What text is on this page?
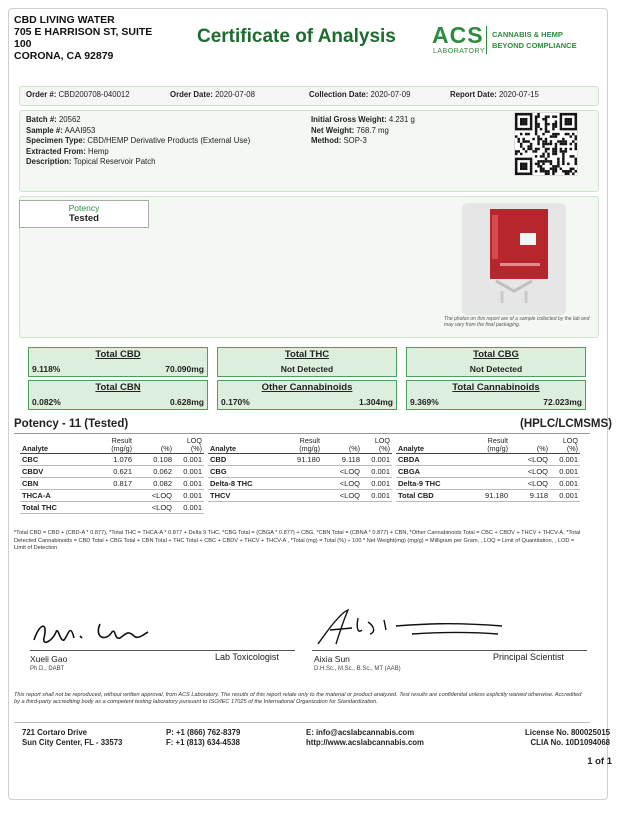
CBD LIVING WATER
705 E HARRISON ST, SUITE
100
CORONA, CA 92879
Certificate of Analysis ACS
LABORATORY
CANNABIS & HEMP
BEYOND COMPLIANCE
Order #: CBD200708-040012	Order Date: 2020-07-08	Collection Date: 2020-07-09	Report Date: 2020-07-15
Batch #: 20562
Sample #: AAAI953
Specimen Type: CBD/HEMP Derivative Products (External Use)
Extracted From: Hemp
Description: Topical Reservoir Patch
Initial Gross Weight: 4.231 g
Net Weight: 768.7 mg
Method: SOP-3
Potency
Tested
The photos on this report are of a sample collected by the lab and may vary from the final packaging.
Total CBD
9.118%	70.090mg
Total THC
Not Detected
Total CBG
Not Detected
Total CBN
0.082%	0.628mg
Other Cannabinoids
0.170%	1.304mg
Total Cannabinoids
9.369%	72.023mg
Potency - 11 (Tested)	(HPLC/LCMSMS)
Analyte	Result
(mg/g)	(%)	LOQ
(%)
CBC	1.076	0.108	0.001
CBDV	0.621	0.062	0.001
CBN	0.817	0.082	0.001
THCA-A		<LOQ	0.001
Total THC		<LOQ	0.001
Analyte	Result
(mg/g)	(%)	LOQ
(%)
CBD	91.180	9.118	0.001
CBG		<LOQ	0.001
Delta-8 THC		<LOQ	0.001
THCV		<LOQ	0.001
Analyte	Result
(mg/g)	(%)	LOQ
(%)
CBDA		<LOQ	0.001
CBGA		<LOQ	0.001
Delta-9 THC		<LOQ	0.001
Total CBD	91.180	9.118	0.001
*Total CBD = CBD + (CBD-A * 0.877), *Total THC = THCA-A * 0.877 + Delta 9 THC, *CBG Total = (CBGA * 0.877) + CBG, *CBN Total = (CBNA * 0.877) + CBN, *Other Cannabinoids Total = CBC + CBDV + THCV + THCV-A, *Total Detected Cannabinoids = CBD Total + CBG Total + CBN Total + THC Total + CBC + CBDV + THCV + THCV-A , *Total (mg) = Total (%) ÷ 100 * Net Weight(mg) (mg/g) = Milligram per Gram, , LOQ = Limit of Quantitation, , LOD = Limit of Detection
Xueli Gao
Ph.D., DABT
Lab Toxicologist	Aixia Sun
D.H.Sc., M.Sc., B.Sc., MT (AAB)
Principal Scientist
This report shall not be reproduced, without written approval, from ACS Laboratory. The results of this report relate only to the material or product analyzed. Test results are confidential unless explicitly waived otherwise. Accredited by a third-party accrediting body as a competent testing laboratory pursuant to ISO/IEC 17025 of the International Organization for Standardization.
721 Cortaro Drive
Sun City Center, FL - 33573
P: +1 (866) 762-8379
F: +1 (813) 634-4538
E: info@acslabcannabis.com
http://www.acslabcannabis.com
License No. 800025015
CLIA No. 10D1094068
1 of 1
